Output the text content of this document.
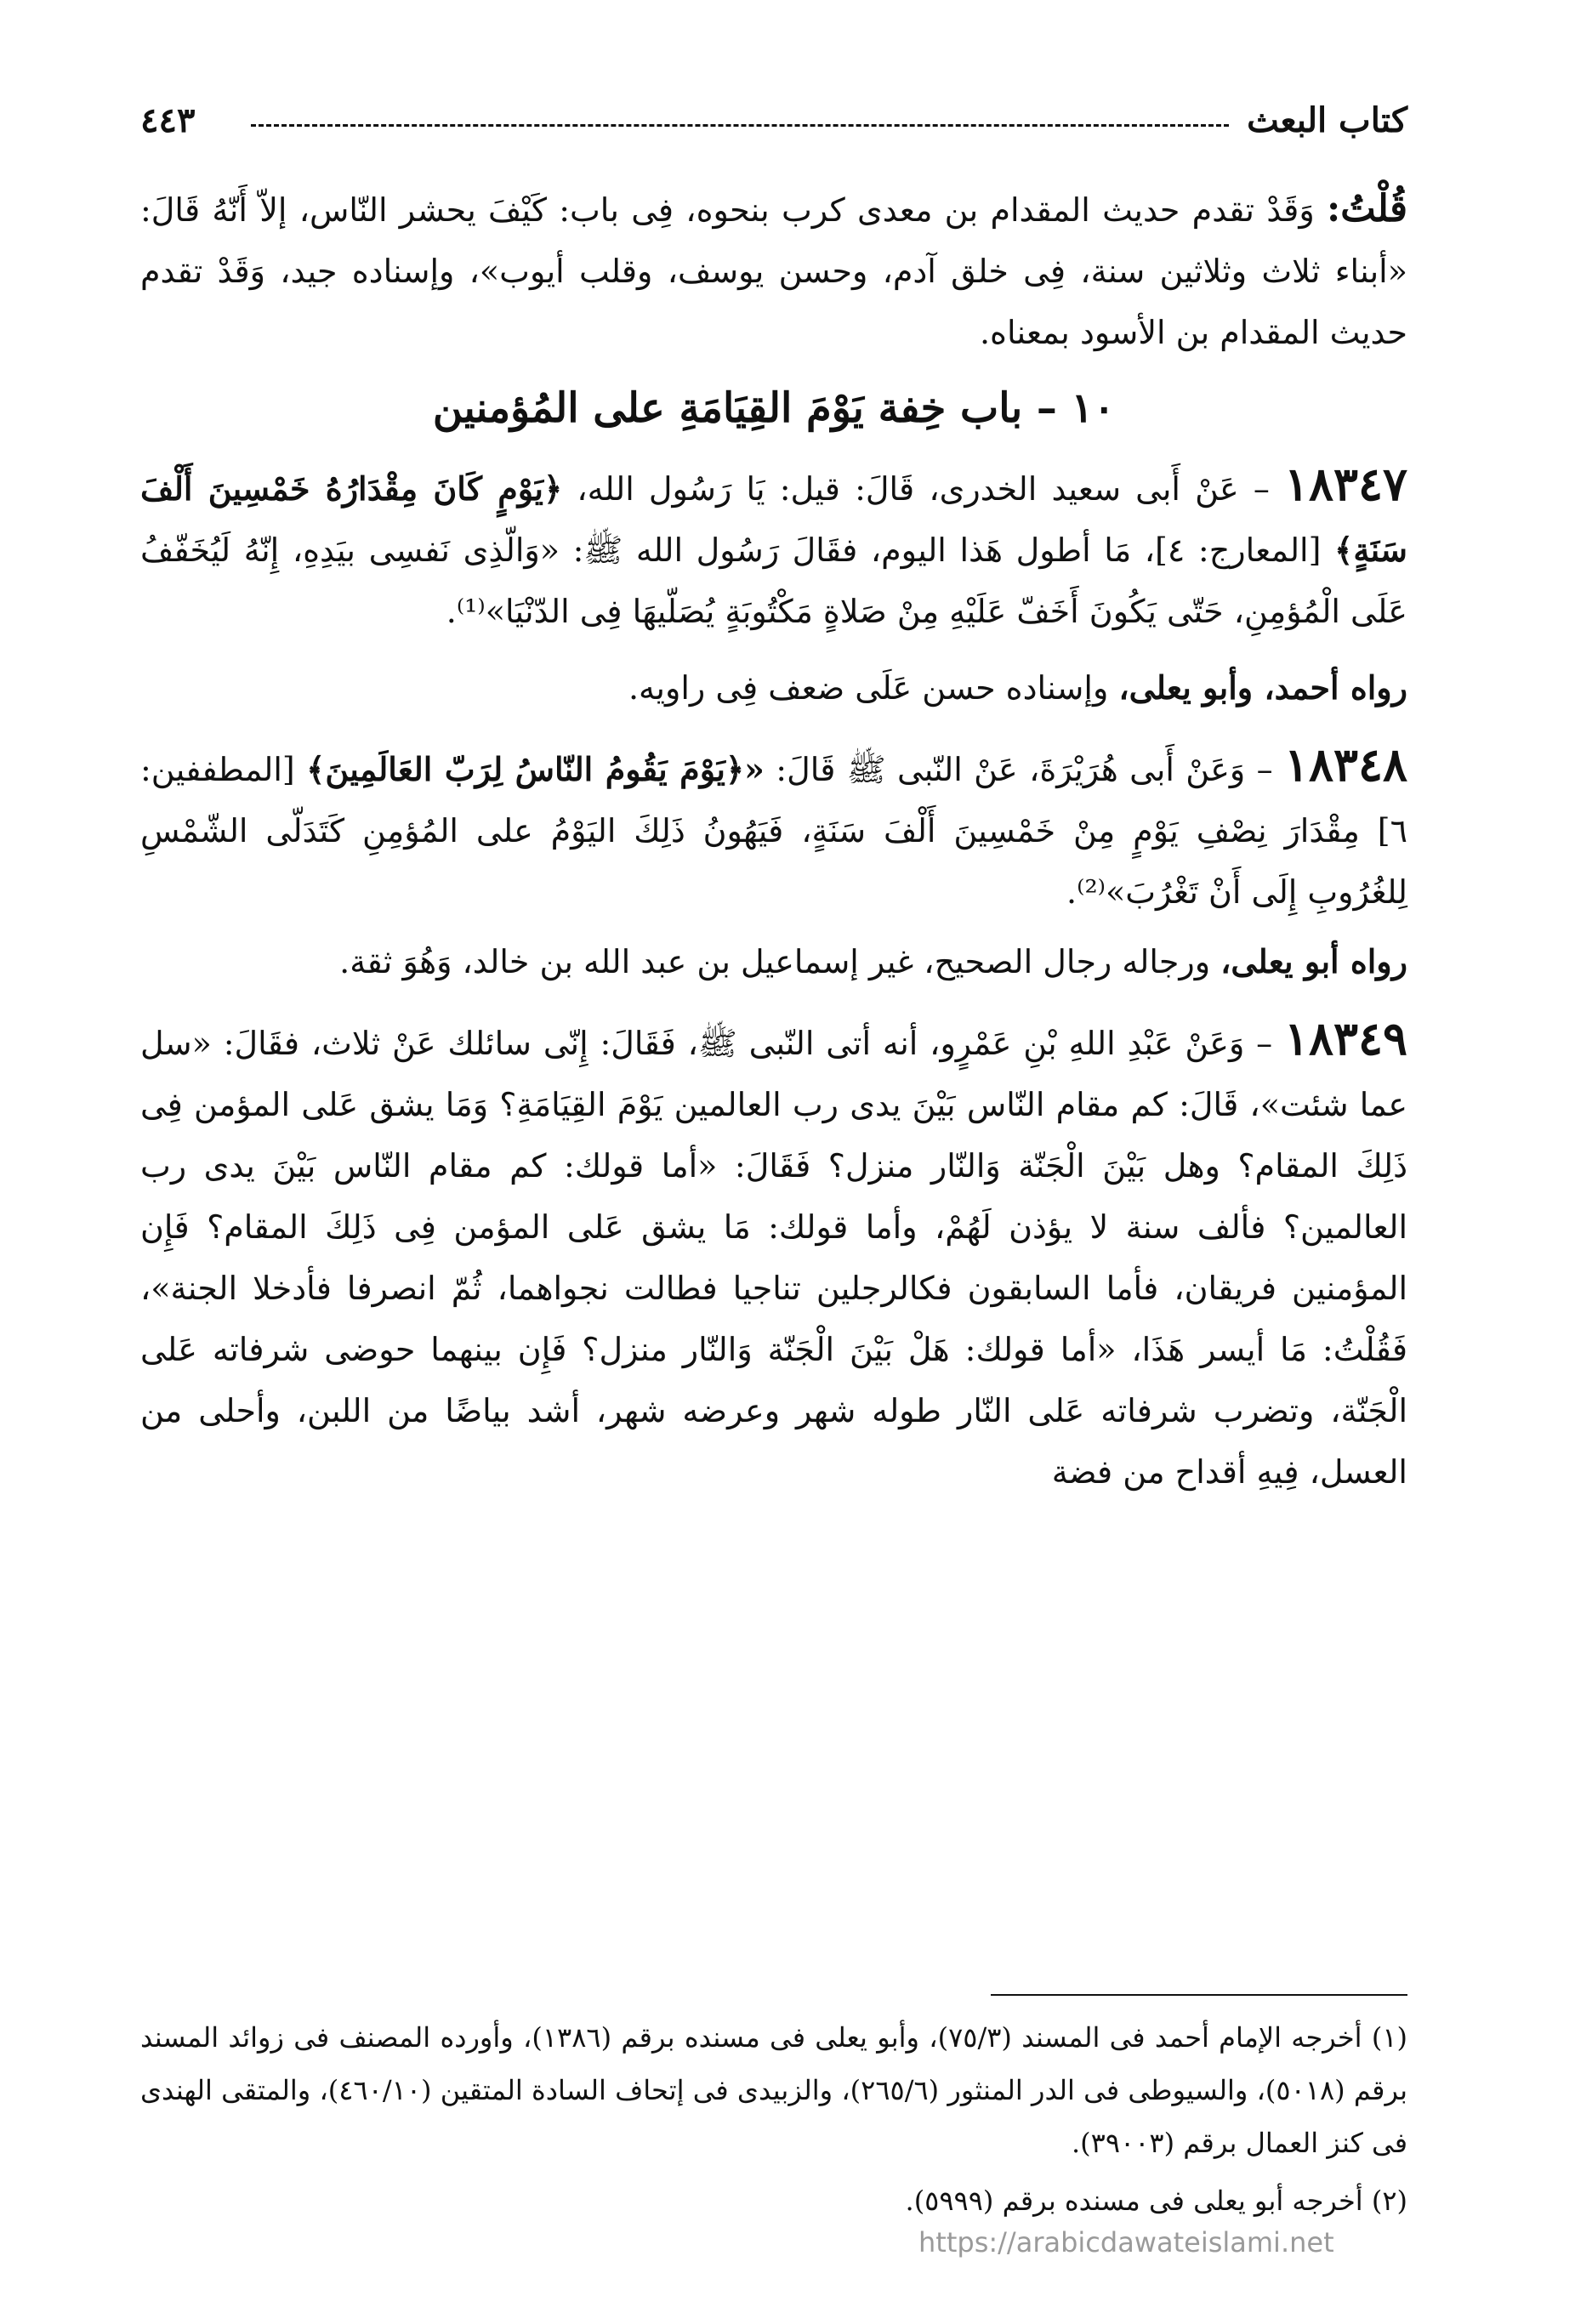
كتاب البعث
٤٤٣

قُلْتُ: وَقَدْ تقدم حديث المقدام بن معدى كرب بنحوه، فِى باب: كَيْفَ يحشر النّاس، إلاّ أَنّهُ قَالَ: «أبناء ثلاث وثلاثين سنة، فِى خلق آدم، وحسن يوسف، وقلب أيوب»، وإسناده جيد، وَقَدْ تقدم حديث المقدام بن الأسود بمعناه.

١٠ – باب خِفة يَوْمَ القِيَامَةِ على المُؤمنين

١٨٣٤٧ – عَنْ أَبى سعيد الخدرى، قَالَ: قيل: يَا رَسُول الله، ﴿يَوْمٍ كَانَ مِقْدَارُهُ خَمْسِينَ أَلْفَ سَنَةٍ﴾ [المعارج: ٤]، مَا أطول هَذا اليوم، فقَالَ رَسُول الله ﷺ: «وَالّذِى نَفسِى بيَدِهِ، إِنّهُ لَيُخَفّفُ عَلَى الْمُؤمِنِ، حَتّى يَكُونَ أَخَفّ عَلَيْهِ مِنْ صَلاةٍ مَكْتُوبَةٍ يُصَلّيهَا فِى الدّنْيَا»⁽¹⁾.

رواه أحمد، وأبو يعلى، وإسناده حسن عَلَى ضعف فِى راويه.

١٨٣٤٨ – وَعَنْ أَبى هُرَيْرَةَ، عَنْ النّبى ﷺ قَالَ: «﴿يَوْمَ يَقُومُ النّاسُ لِرَبّ العَالَمِينَ﴾ [المطففين: ٦] مِقْدَارَ نِصْفِ يَوْمٍ مِنْ خَمْسِينَ أَلْفَ سَنَةٍ، فَيَهُونُ ذَلِكَ اليَوْمُ على المُؤمِنِ كَتَدَلّى الشّمْسِ لِلغُرُوبِ إِلَى أَنْ تَغْرُبَ»⁽²⁾.

رواه أبو يعلى، ورجاله رجال الصحيح، غير إسماعيل بن عبد الله بن خالد، وَهُوَ ثقة.

١٨٣٤٩ – وَعَنْ عَبْدِ اللهِ بْنِ عَمْرٍو، أنه أتى النّبى ﷺ، فَقَالَ: إِنّى سائلك عَنْ ثلاث، فقَالَ: «سل عما شئت»، قَالَ: كم مقام النّاس بَيْنَ يدى رب العالمين يَوْمَ القِيَامَةِ؟ وَمَا يشق عَلى المؤمن فِى ذَلِكَ المقام؟ وهل بَيْنَ الْجَنّة وَالنّار منزل؟ فَقَالَ: «أما قولك: كم مقام النّاس بَيْنَ يدى رب العالمين؟ فألف سنة لا يؤذن لَهُمْ، وأما قولك: مَا يشق عَلى المؤمن فِى ذَلِكَ المقام؟ فَإِن المؤمنين فريقان، فأما السابقون فكالرجلين تناجيا فطالت نجواهما، ثُمّ انصرفا فأدخلا الجنة»، فَقُلْتُ: مَا أيسر هَذَا، «أما قولك: هَلْ بَيْنَ الْجَنّة وَالنّار منزل؟ فَإِن بينهما حوضى شرفاته عَلى الْجَنّة، وتضرب شرفاته عَلى النّار طوله شهر وعرضه شهر، أشد بياضًا من اللبن، وأحلى من العسل، فِيهِ أقداح من فضة

(١) أخرجه الإمام أحمد فى المسند (٧٥/٣)، وأبو يعلى فى مسنده برقم (١٣٨٦)، وأورده المصنف فى زوائد المسند برقم (٥٠١٨)، والسيوطى فى الدر المنثور (٢٦٥/٦)، والزبيدى فى إتحاف السادة المتقين (٤٦٠/١٠)، والمتقى الهندى فى كنز العمال برقم (٣٩٠٠٣).

(٢) أخرجه أبو يعلى فى مسنده برقم (٥٩٩٩).

https://arabicdawateislami.net
